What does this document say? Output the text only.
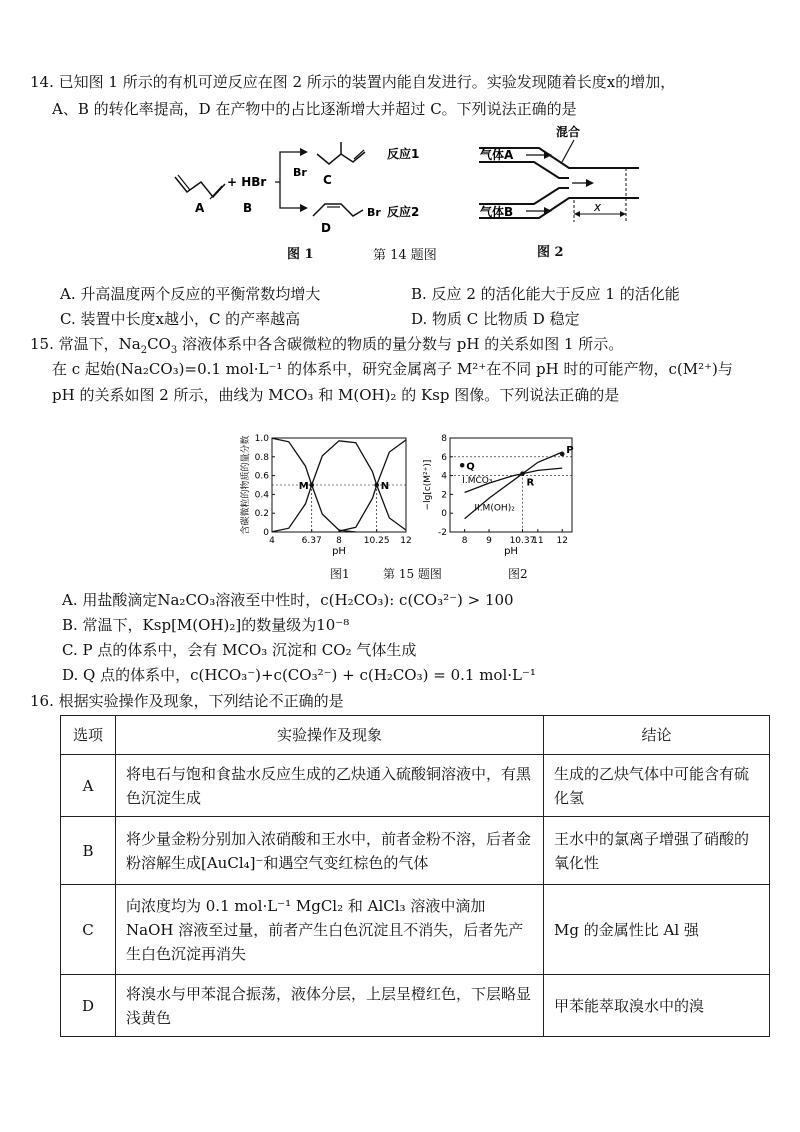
14. 已知图 1 所示的有机可逆反应在图 2 所示的装置内能自发进行。实验发现随着长度x的增加，
A、B 的转化率提高，D 在产物中的占比逐渐增大并超过 C。下列说法正确的是
A
+ HBr
B
Br
C
反应1
D
Br 反应2
图 1	第 14 题图
混合
气体A
气体B	x
图 2
A. 升高温度两个反应的平衡常数均增大	B. 反应 2 的活化能大于反应 1 的活化能
C. 装置中长度x越小，C 的产率越高	D. 物质 C 比物质 D 稳定
15. 常温下，$Na_2CO_3$ 溶液体系中各含碳微粒的物质的量分数与 pH 的关系如图 1 所示。
在 c 起始(Na₂CO₃)=0.1 mol·L⁻¹ 的体系中，研究金属离子 M²⁺在不同 pH 时的可能产物，c(M²⁺)与
pH 的关系如图 2 所示，曲线为 MCO₃ 和 M(OH)₂ 的 Ksp 图像。下列说法正确的是
0
0.2
0.4
0.6
0.8
1.0
4	6.37 8 10.25 12
pH
含碳微粒的物质的量分数	M	N
-2
0
2
4
6
8
8 9 10.37
11 12
pH
−lg[c(M²⁺)]	Q
R
P
I.MCO₃
II.M(OH)₂
图1	第 15 题图	图2
A. 用盐酸滴定Na₂CO₃溶液至中性时，c(H₂CO₃): c(CO₃²⁻) > 100
B. 常温下，Ksp[M(OH)₂]的数量级为10⁻⁸
C. P 点的体系中，会有 MCO₃ 沉淀和 CO₂ 气体生成
D. Q 点的体系中，c(HCO₃⁻)+c(CO₃²⁻) + c(H₂CO₃) = 0.1 mol·L⁻¹
16. 根据实验操作及现象，下列结论不正确的是
选项	实验操作及现象	结论
A	将电石与饱和食盐水反应生成的乙炔通入硫酸铜溶液中，有黑色沉淀生成	生成的乙炔气体中可能含有硫化氢
B	将少量金粉分别加入浓硝酸和王水中，前者金粉不溶，后者金粉溶解生成[AuCl₄]⁻和遇空气变红棕色的气体	王水中的氯离子增强了硝酸的氧化性
C	向浓度均为 0.1 mol·L⁻¹ MgCl₂ 和 AlCl₃ 溶液中滴加 NaOH 溶液至过量，前者产生白色沉淀且不消失，后者先产生白色沉淀再消失	Mg 的金属性比 Al 强
D	将溴水与甲苯混合振荡，液体分层，上层呈橙红色，下层略显浅黄色	甲苯能萃取溴水中的溴
